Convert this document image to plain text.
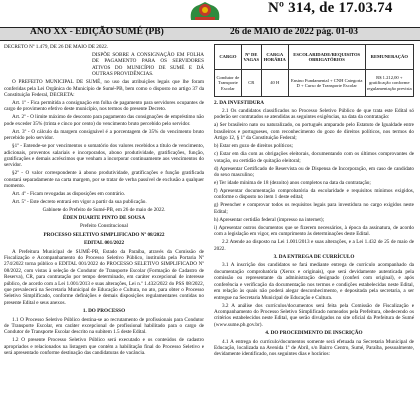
Nº 314, de 17.03.74
ANO XX - EDIÇÃO SUMÉ (PB)	26 de MAIO de 2022 pág. 01-03

DECRETO Nº 1.479, DE 26 DE MAIO DE 2022.

DISPÕE SOBRE A CONSIGNAÇÃO EM FOLHA DE PAGAMENTO PARA OS SERVIDORES ATIVOS DO MUNICÍPIO DE SUMÉ E DÁ OUTRAS PROVIDÊNCIAS.

O PREFEITO MUNICIPAL DE SUMÉ, no uso das atribuições legais que lhe foram conferidas pela Lei Orgânica do Município de Sumé-PB, bem como o disposto no artigo 37 da Constituição Federal, DECRETA:

Art. 1º - Fica permitida a consignação em folha de pagamento para servidores ocupantes de cargo de provimento efetivo deste município, nos termos do presente Decreto.

Art. 2º - O limite máximo de desconto para pagamento das consignações de empréstimo não pode exceder 35% (trinta e cinco por cento) do vencimento bruto percebido pelo servidor.

Art. 3º - O cálculo da margem consignável é a porcentagem de 35% do vencimento bruto percebido pelo servidor.

§1º - Entende-se por vencimentos o somatório dos valores recebidos a título de vencimento, adicionais, proventos salariais e incorporados, abono produtividade, gratificações, função, gratificações e demais acréscimos que venham a incorporar continuamente aos vencimentos do servidor.

§2º - O valor correspondente à abono produtividade, gratificações e função gratificada constará separadamente na carta margem, por se tratar de verba passível de exclusão a qualquer momento.

Art. 4º - Ficam revogadas as disposições em contrário.

Art. 5º - Este decreto entrará em vigor a partir da sua publicação.

Gabinete do Prefeito de Sumé-PB, em 26 de maio de 2022.

ÉDEN DUARTE PINTO DE SOUSA

Prefeito Constitucional

PROCESSO SELETIVO SIMPLIFICADO Nº 08/2022

EDITAL 001/2022

A Prefeitura Municipal de SUMÉ-PB, Estado da Paraíba, através da Comissão de Fiscalização e Acompanhamento do Processo Seletivo Público, instituída pela Portaria Nº 274/2022 torna público o EDITAL 001/2022 do PROCESSO SELETIVO SIMPLIFICADO Nº 08/2022, com vistas à seleção de Condutor de Transporte Escolar (Formação de Cadastro de Reserva), CR, para contratação por tempo determinado, em caráter excepcional de interesse público, de acordo com a Lei 1.001/2013 e suas alterações, Lei n.º 1.432/2022 do PSS 08/2022, que prevalecerá na Secretaria Municipal de Educação e Cultura, no ato, para obter o Processo Seletivo Simplificado, conforme definições e demais disposições regulamentares contidas no presente Edital e seus anexos.

1. DO PROCESSO

1.1 O Processo Seletivo Público destina-se ao recrutamento de profissionais para Condutor de Transporte Escolar, em caráter excepcional de profissional habilitado para o cargo de Condutor de Transporte Escolar descrito na subitem 1.5 deste Edital.

1.2 O presente Processo Seletivo Público será executado e os conteúdos de cadastro apropriados e relacionados na listagem que contém a habilitação final do Processo Seletivo e será apresentado conforme destinação das candidaturas de vacância.

CARGO	Nº DE VAGAS	CARGA HORÁRIA	ESCOLARIDADE/REQUISITOS OBRIGATÓRIOS	REMUNERAÇÃO
Condutor de Transporte Escolar	CR	40 H	Ensino Fundamental + CNH Categoria D + Curso de Transporte Escolar	R$ 1.212,00 + gratificação conforme regulamentação prevista

2. DA INVESTIDURA

2.1 Os candidatos classificados no Processo Seletivo Público de que trata este Edital só poderão ser contratados se atendidas as seguintes exigências, na data da contratação:

a) Ser brasileiro nato ou naturalizado, ou português amparado pelo Estatuto de Igualdade entre brasileiros e portugueses, com reconhecimento do gozo de direitos políticos, nos termos do Artigo 12, § 1º da Constituição Federal;

b) Estar em gozo de direitos políticos;

c) Estar em dia com as obrigações eleitorais, documentando com os últimos comprovantes de votação, ou certidão de quitação eleitoral;

d) Apresentar Certificado de Reservista ou de Dispensa de Incorporação, em caso de candidato do sexo masculino;

e) Ter idade mínima de 18 (dezoito) anos completos na data da contratação;

f) Apresentar documentação comprobatória da escolaridade e requisitos mínimos exigidos, conforme o disposto no item 1 deste edital;

g) Preencher e comprovar todos os requisitos legais para investidura no cargo exigidos neste Edital;

h) Apresentar certidão federal (impresso na internet);

i) Apresentar outros documentos que se fizerem necessários, à época da assinatura, de acordo com a legislação em vigor, em cumprimento às determinações deste Edital.

2.2 Atende ao disposto na Lei 1.001/2013 e suas alterações, e a Lei 1.432 de 25 de maio de 2022.

3. DA ENTREGA DE CURRÍCULO

3.1 A inscrição dos candidatos se fará mediante entrega de currículo acompanhado da documentação comprobatória (Xerox e originais), que será devidamente autenticada pela comissão ou representante da administração designado (conferi com original), e após conferência e verificação da documentação nos termos e condições estabelecidas neste Edital, em relação às quais não poderá alegar desconhecimento, e depositada pela secretaria, a ser entregue na Secretaria Municipal de Educação e Cultura.

3.2 A análise dos currículos/documentos será feita pela Comissão de Fiscalização e Acompanhamento do Processo Seletivo Simplificado nomeados pela Prefeitura, obedecendo os critérios estabelecidos neste Edital, que serão divulgados no site oficial da Prefeitura de Sumé (www.sume.pb.gov.br).

4. DO PROCEDIMENTO DE INSCRIÇÃO

4.1 A entrega do currículo/documentos somente será efetuada na Secretaria Municipal de Educação, localizada na Avenida 1º de Abril, s/n Bairro Centro, Sumé, Paraíba, pessoalmente, devidamente identificado, nos seguintes dias e horários:
